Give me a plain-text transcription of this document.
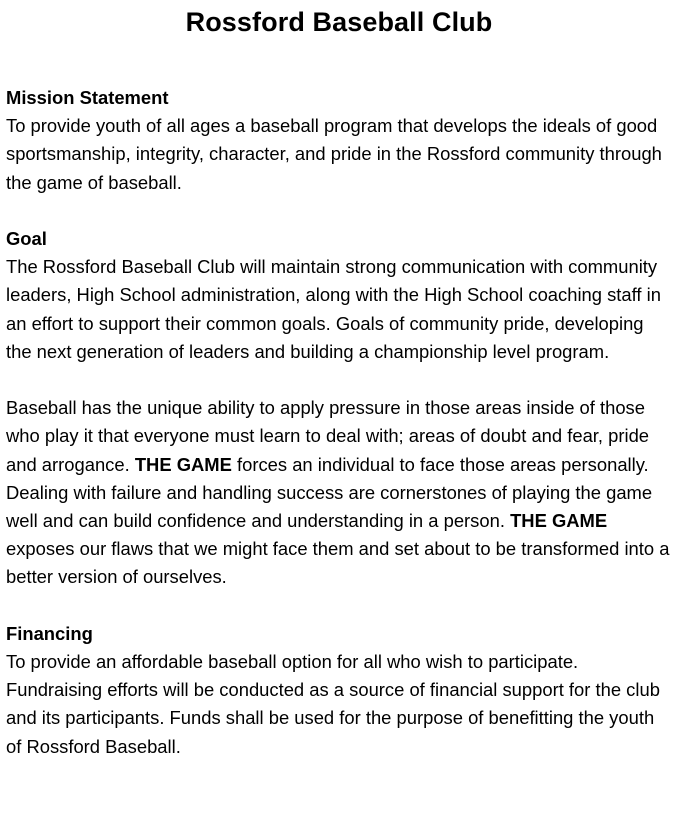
Rossford Baseball Club
Mission Statement

To provide youth of all ages a baseball program that develops the ideals of good sportsmanship, integrity, character, and pride in the Rossford community through the game of baseball.

Goal

The Rossford Baseball Club will maintain strong communication with community leaders, High School administration, along with the High School coaching staff in an effort to support their common goals. Goals of community pride, developing the next generation of leaders and building a championship level program.

Baseball has the unique ability to apply pressure in those areas inside of those who play it that everyone must learn to deal with; areas of doubt and fear, pride and arrogance. THE GAME forces an individual to face those areas personally. Dealing with failure and handling success are cornerstones of playing the game well and can build confidence and understanding in a person. THE GAME exposes our flaws that we might face them and set about to be transformed into a better version of ourselves.

Financing

To provide an affordable baseball option for all who wish to participate. Fundraising efforts will be conducted as a source of financial support for the club and its participants. Funds shall be used for the purpose of benefitting the youth of Rossford Baseball.
